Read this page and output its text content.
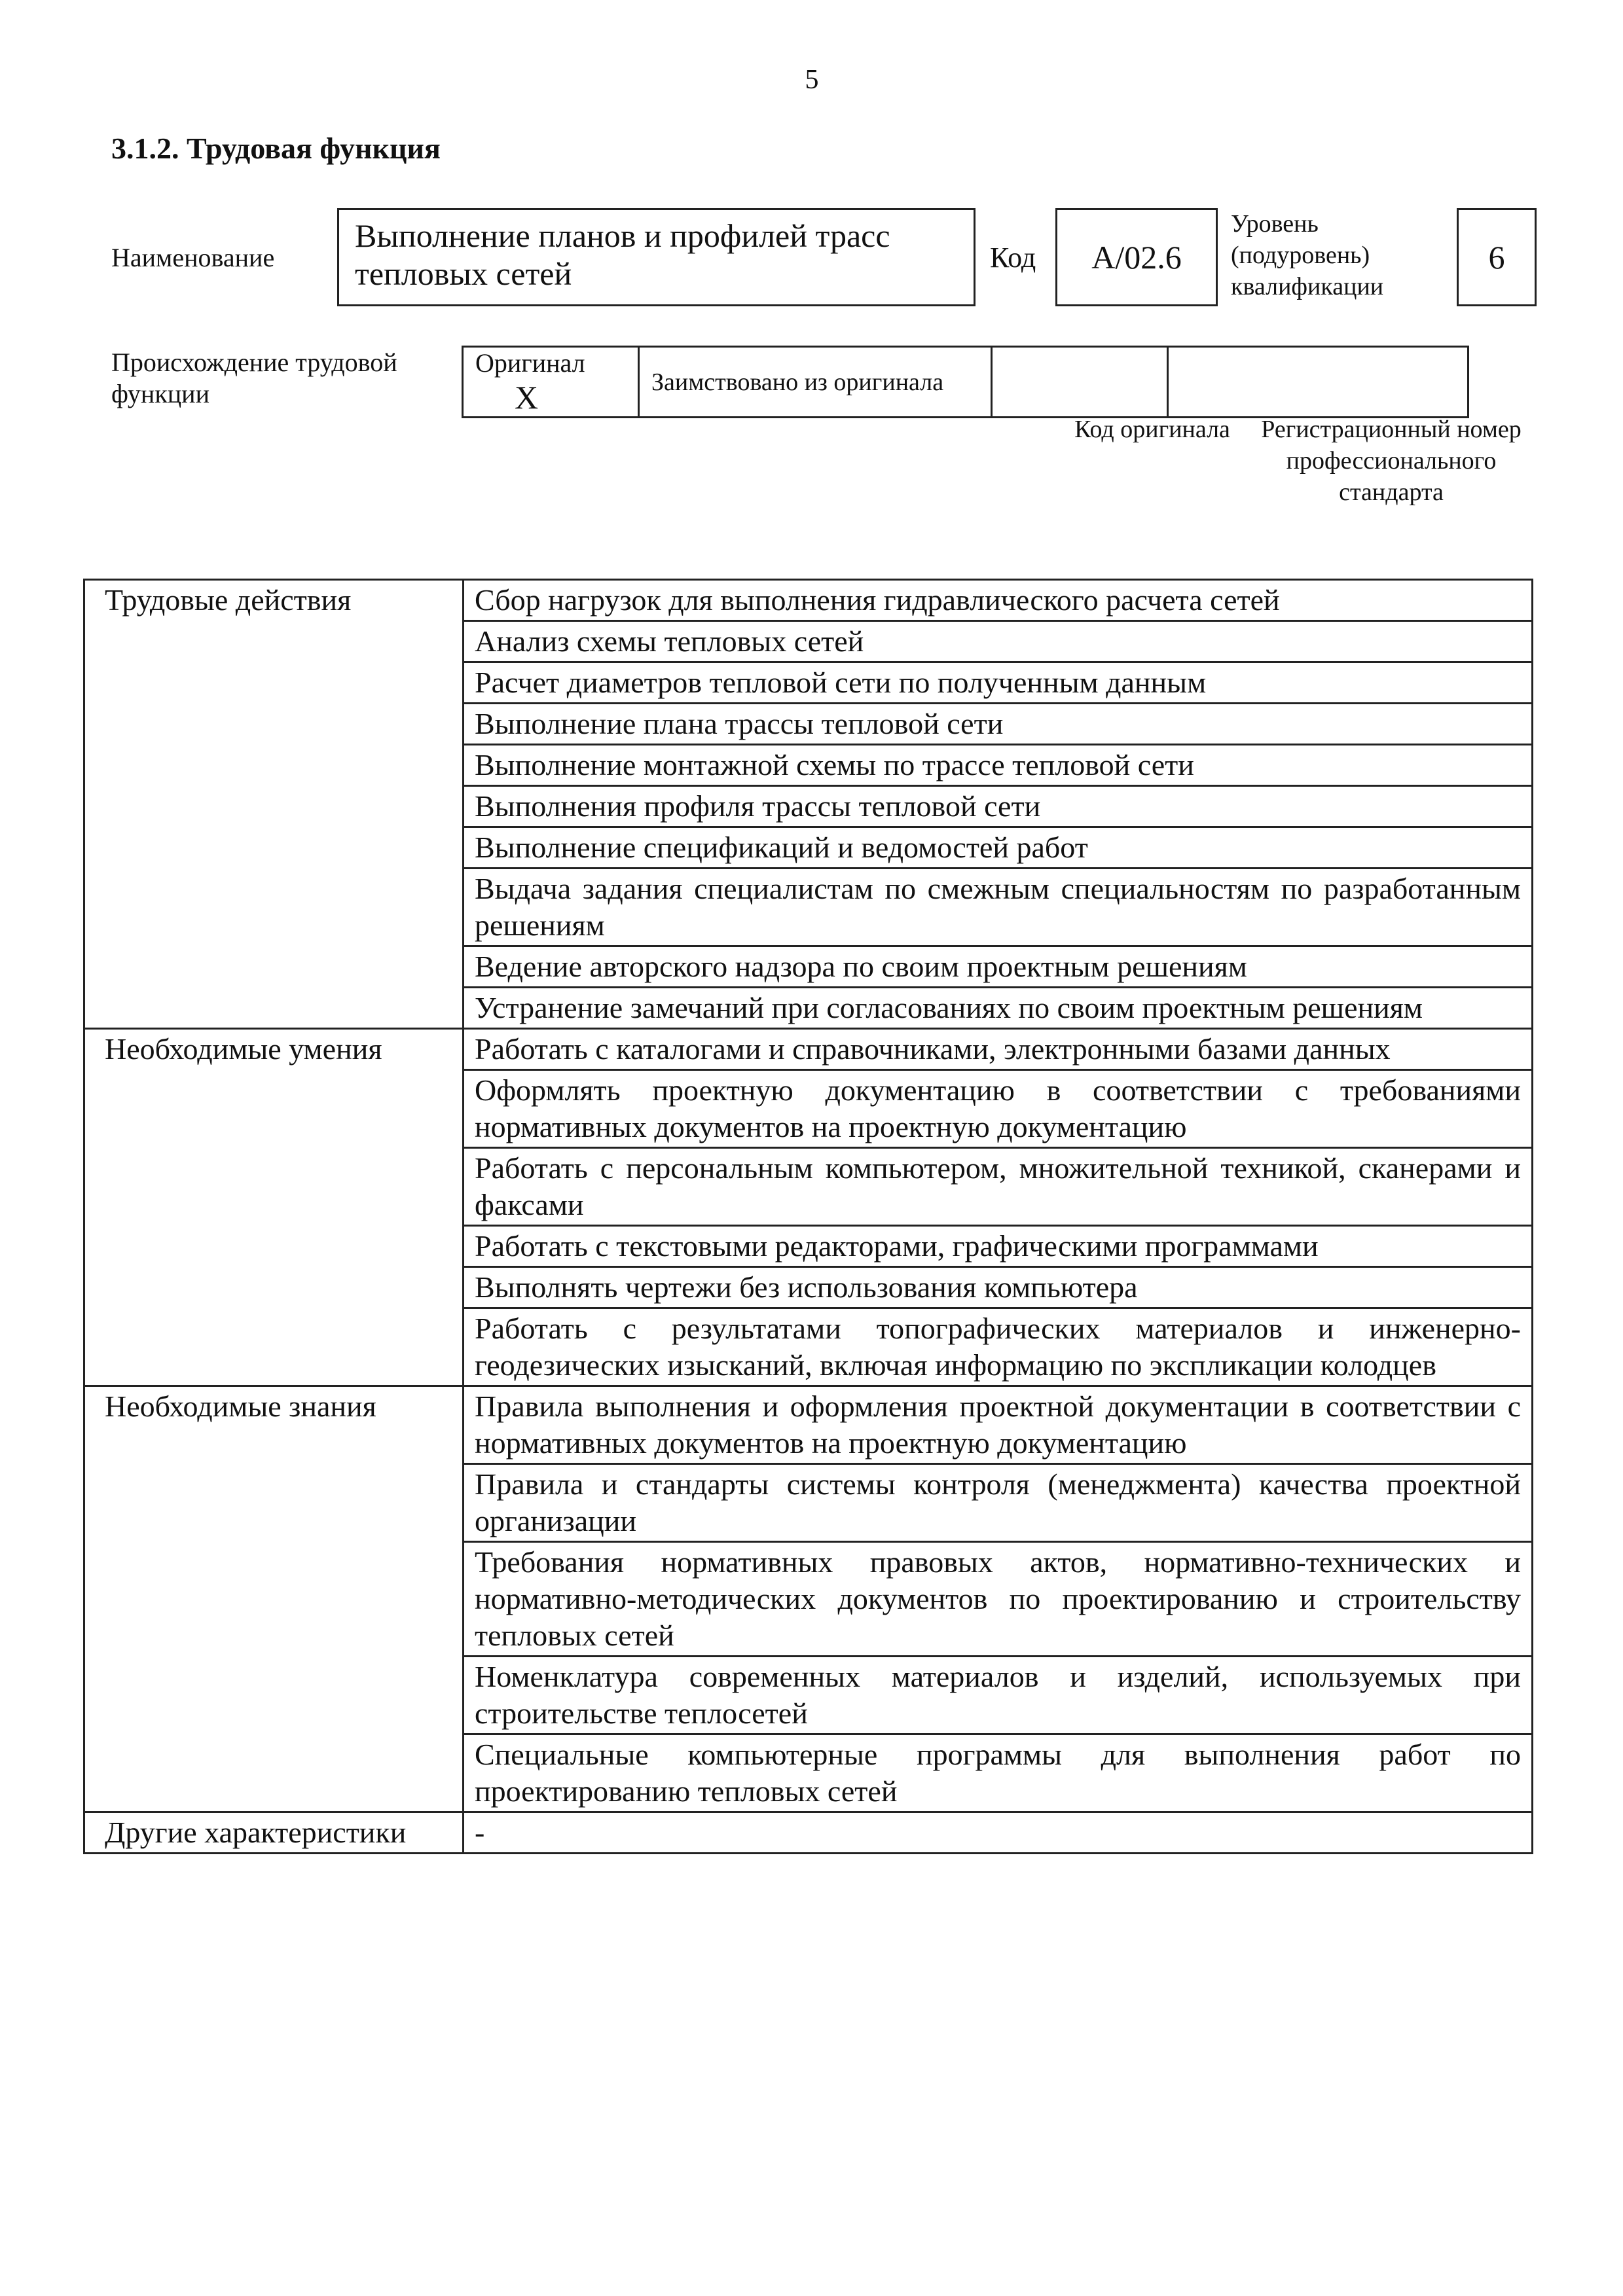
5
3.1.2. Трудовая функция
Наименование
Выполнение планов и профилей трасс тепловых сетей	Код А/02.6
Уровень (подуровень) квалификации
6
Происхождение трудовой функции
Оригинал X	Заимствовано из оригинала		
Код оригинала	Регистрационный номер профессионального стандарта
Трудовые действия	Сбор нагрузок для выполнения гидравлического расчета сетей
	Анализ схемы тепловых сетей
	Расчет диаметров тепловой сети по полученным данным
	Выполнение плана трассы тепловой сети
	Выполнение монтажной схемы по трассе тепловой сети
	Выполнения профиля трассы тепловой сети
	Выполнение спецификаций и ведомостей работ
	Выдача задания специалистам по смежным специальностям по разработанным решениям
	Ведение авторского надзора по своим проектным решениям
	Устранение замечаний при согласованиях по своим проектным решениям
Необходимые умения	Работать с каталогами и справочниками, электронными базами данных
	Оформлять проектную документацию в соответствии с требованиями нормативных документов на проектную документацию
	Работать с персональным компьютером, множительной техникой, сканерами и факсами
	Работать с текстовыми редакторами, графическими программами
	Выполнять чертежи без использования компьютера
	Работать с результатами топографических материалов и инженерно-геодезических изысканий, включая информацию по экспликации колодцев
Необходимые знания	Правила выполнения и оформления проектной документации в соответствии с нормативных документов на проектную документацию
	Правила и стандарты системы контроля (менеджмента) качества проектной организации
	Требования нормативных правовых актов, нормативно-технических и нормативно-методических документов по проектированию и строительству тепловых сетей
	Номенклатура современных материалов и изделий, используемых при строительстве теплосетей
	Специальные компьютерные программы для выполнения работ по проектированию тепловых сетей
Другие характеристики	-
